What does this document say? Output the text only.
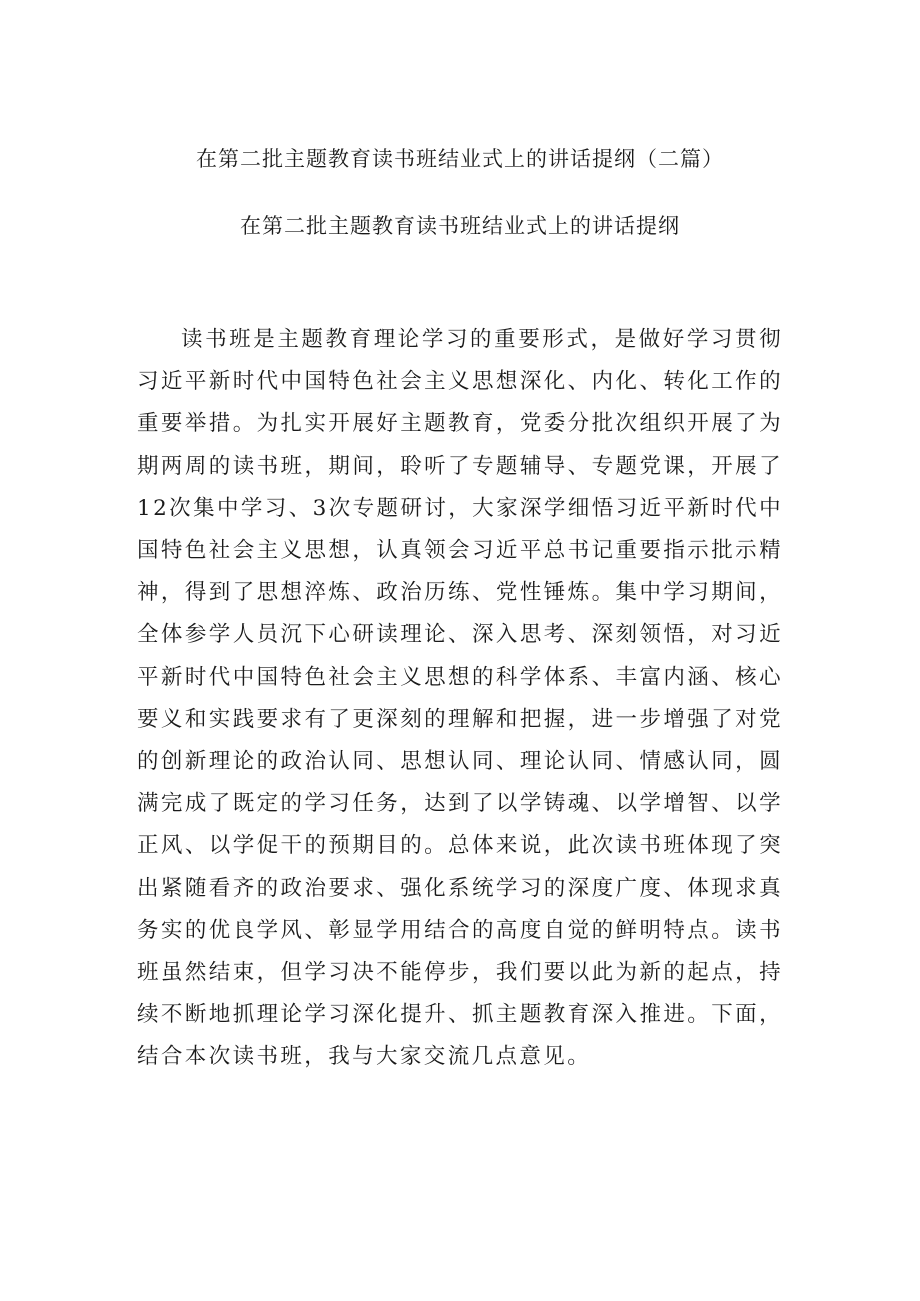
在第二批主题教育读书班结业式上的讲话提纲（二篇）
在第二批主题教育读书班结业式上的讲话提纲

读书班是主题教育理论学习的重要形式，是做好学习贯彻习近平新时代中国特色社会主义思想深化、内化、转化工作的重要举措。为扎实开展好主题教育，党委分批次组织开展了为期两周的读书班，期间，聆听了专题辅导、专题党课，开展了12次集中学习、3次专题研讨，大家深学细悟习近平新时代中国特色社会主义思想，认真领会习近平总书记重要指示批示精神，得到了思想淬炼、政治历练、党性锤炼。集中学习期间，全体参学人员沉下心研读理论、深入思考、深刻领悟，对习近平新时代中国特色社会主义思想的科学体系、丰富内涵、核心要义和实践要求有了更深刻的理解和把握，进一步增强了对党的创新理论的政治认同、思想认同、理论认同、情感认同，圆满完成了既定的学习任务，达到了以学铸魂、以学增智、以学正风、以学促干的预期目的。总体来说，此次读书班体现了突出紧随看齐的政治要求、强化系统学习的深度广度、体现求真务实的优良学风、彰显学用结合的高度自觉的鲜明特点。读书班虽然结束，但学习决不能停步，我们要以此为新的起点，持续不断地抓理论学习深化提升、抓主题教育深入推进。下面，结合本次读书班，我与大家交流几点意见。
